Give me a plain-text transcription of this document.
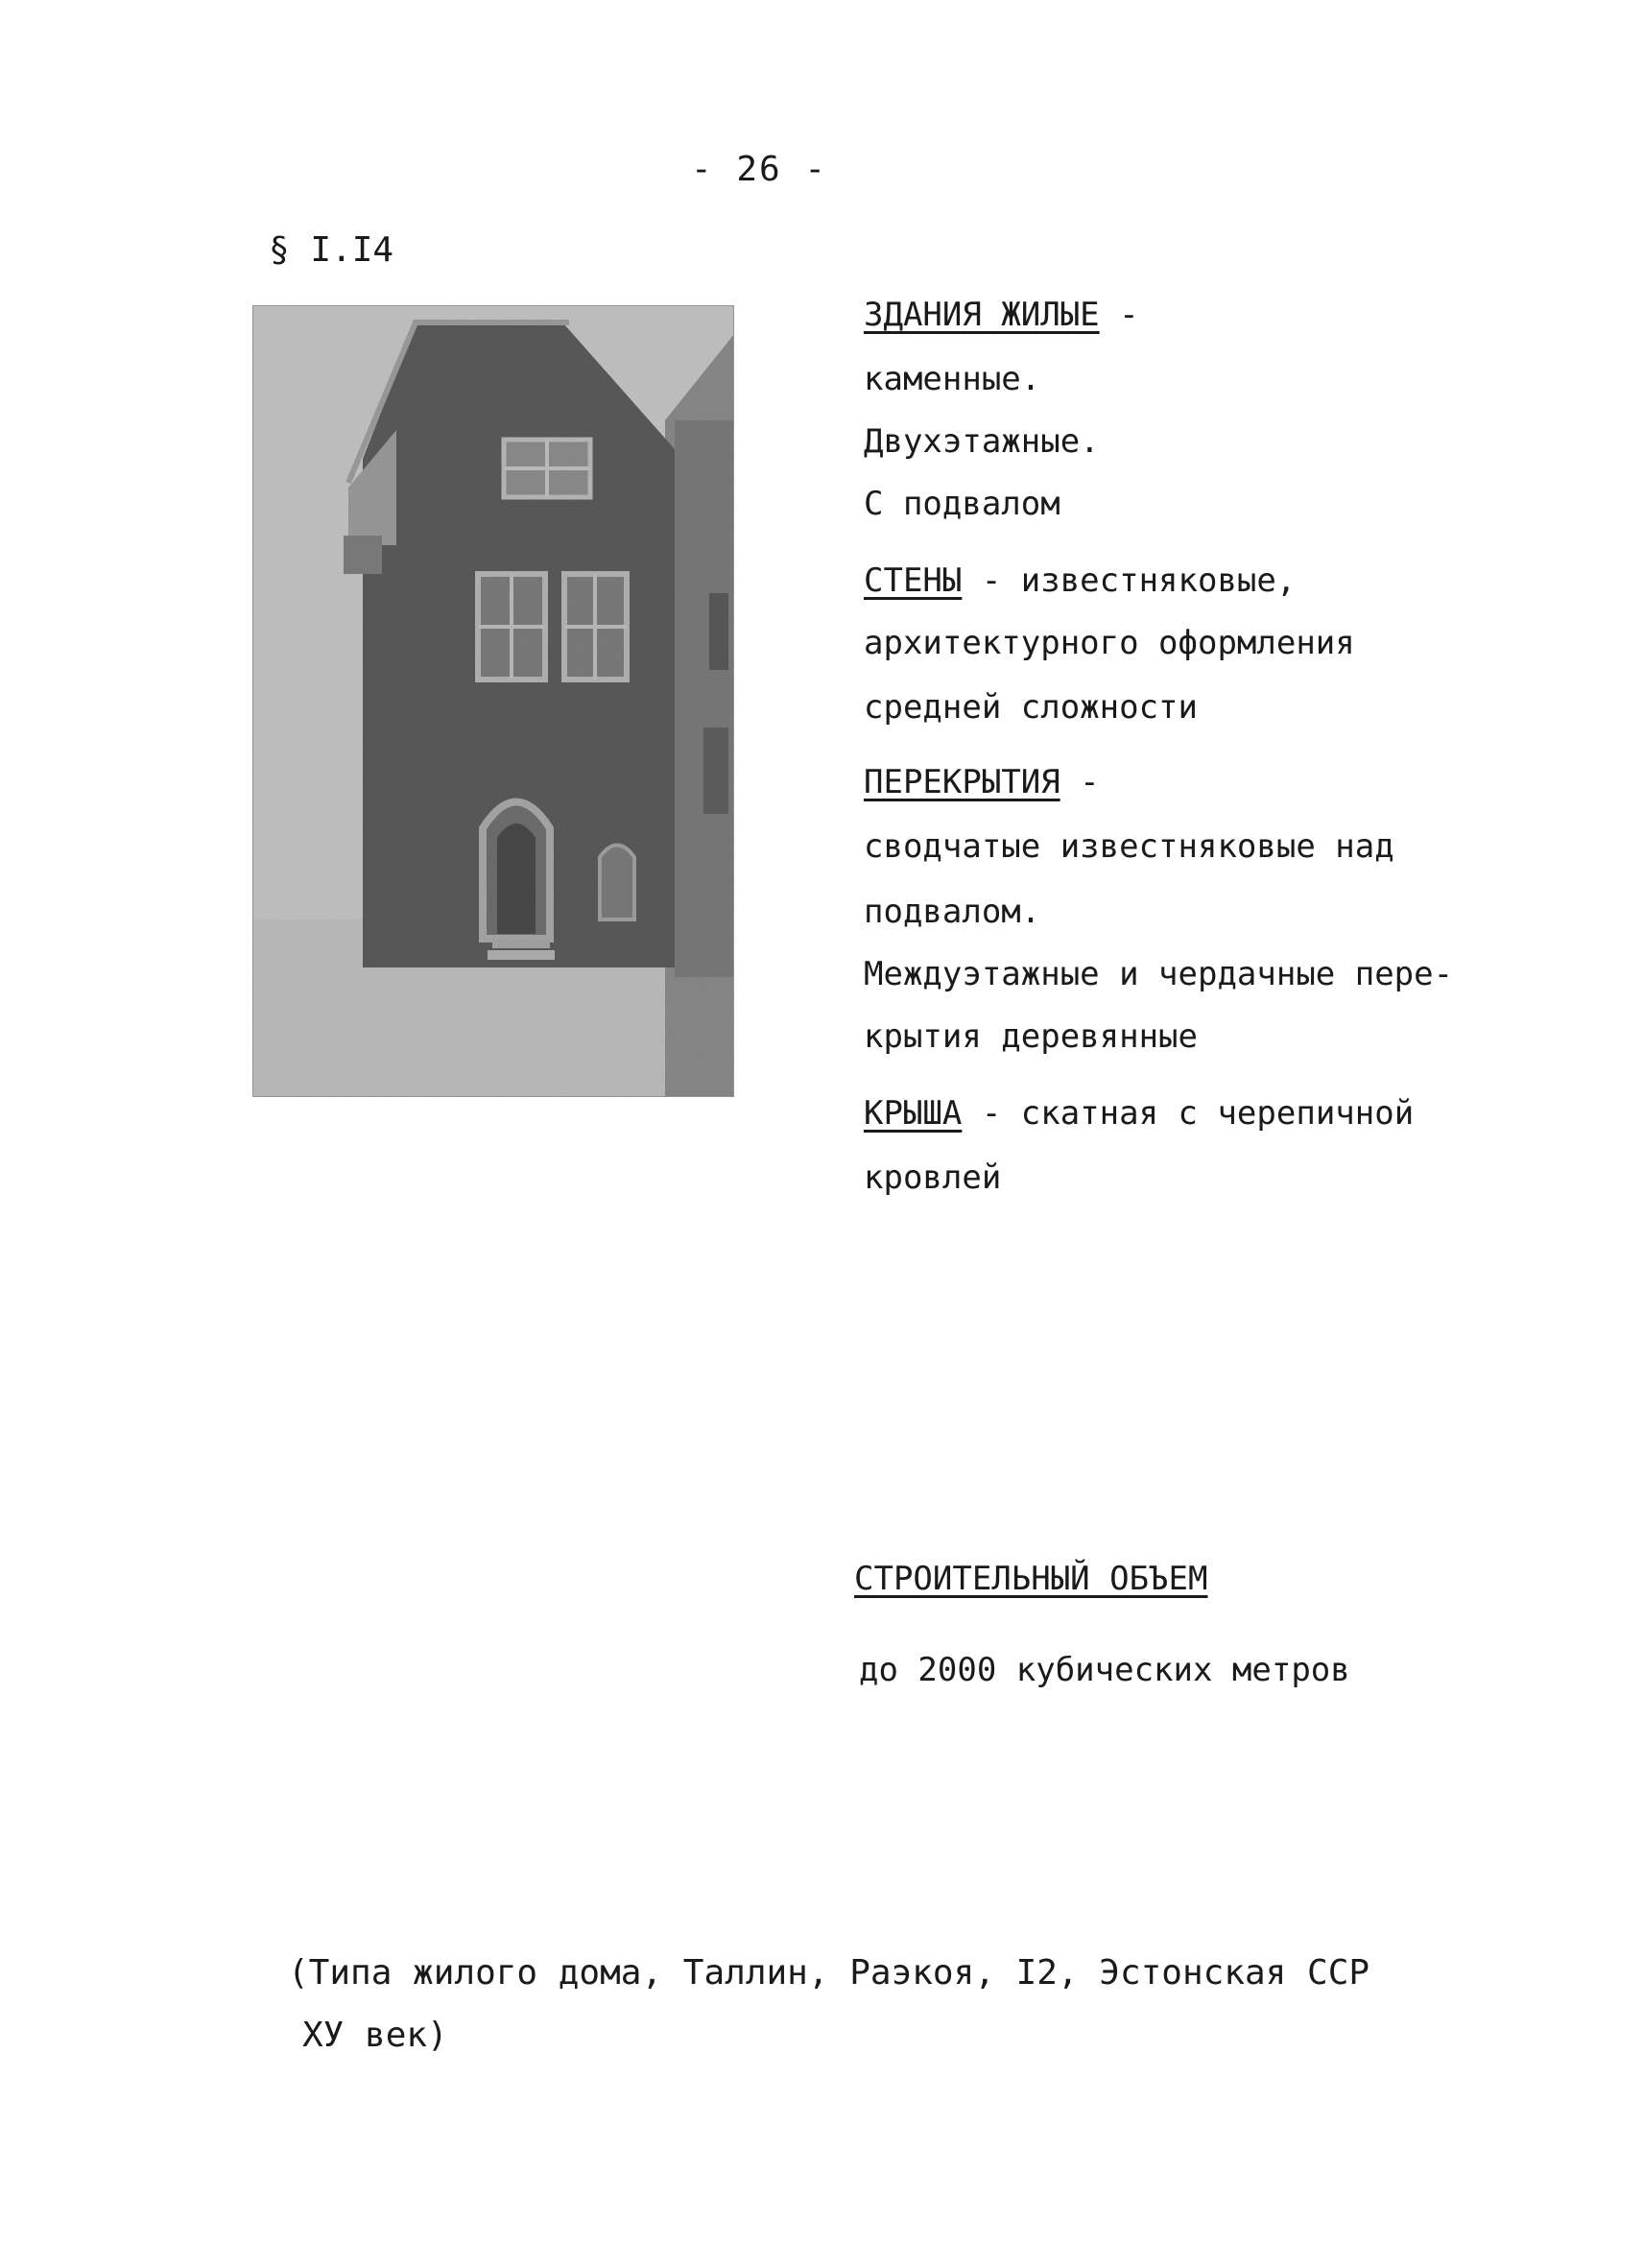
- 26 -
§ I.I4
ЗДАНИЯ ЖИЛЫЕ -
каменные.
Двухэтажные.
С подвалом
СТЕНЫ - известняковые,
архитектурного оформления
средней сложности
ПЕРЕКРЫТИЯ -
сводчатые известняковые над
подвалом.
Междуэтажные и чердачные пере-
крытия деревянные
КРЫША - скатная с черепичной
кровлей
СТРОИТЕЛЬНЫЙ ОБЪЕМ
до 2000 кубических метров
(Типа жилого дома, Таллин, Раэкоя, I2, Эстонская ССР
ХУ век)
